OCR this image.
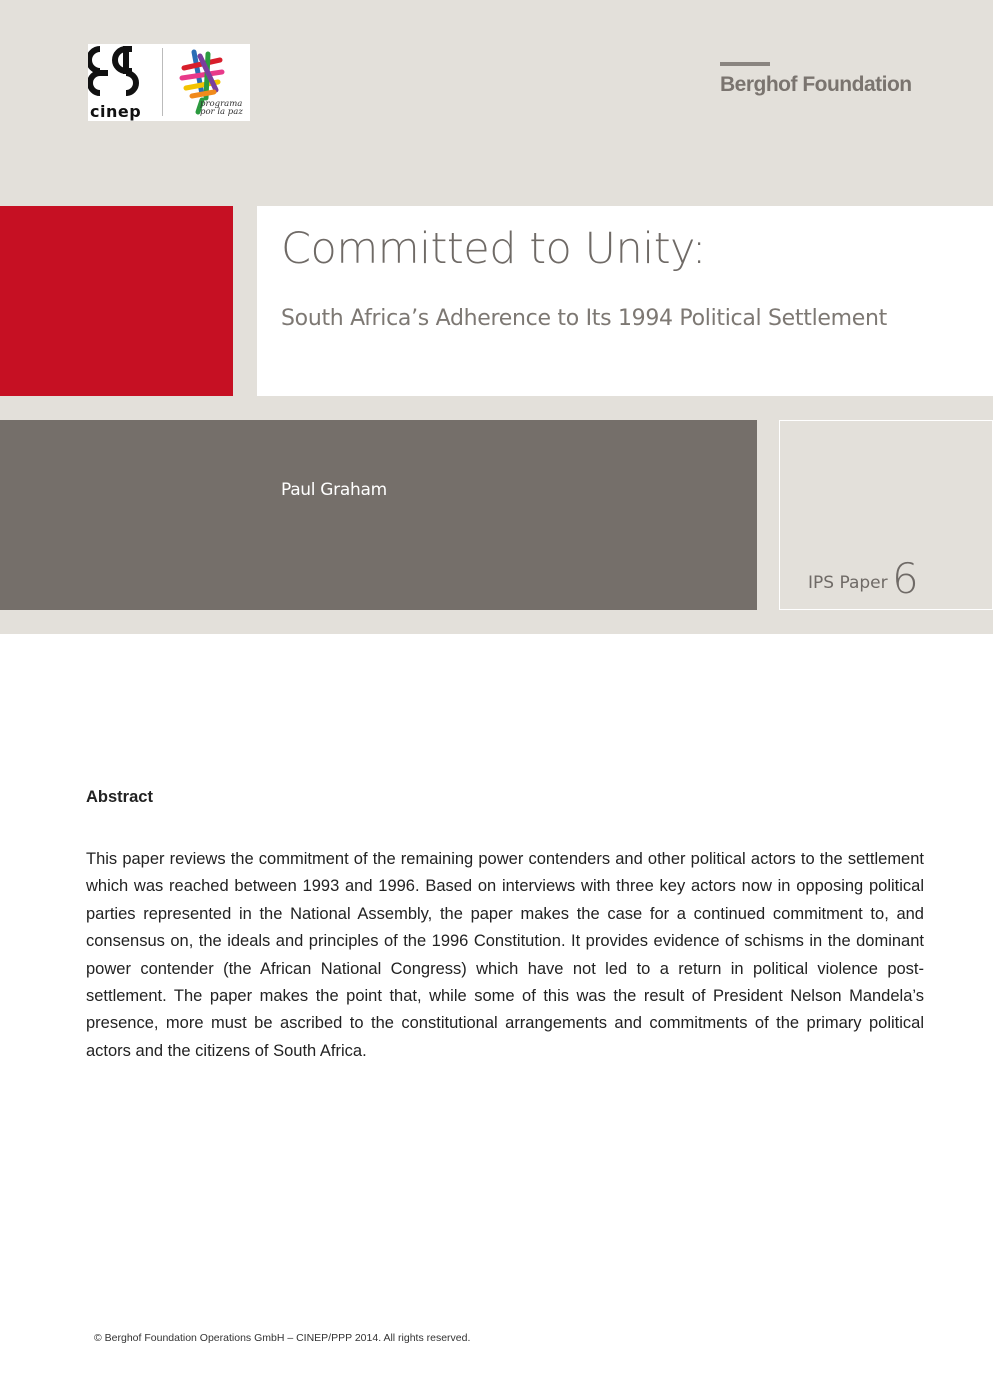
cinep	programa
por la paz
Berghof Foundation
Committed to Unity:
South Africa’s Adherence to Its 1994 Political Settlement
Paul Graham
IPS Paper 6
Abstract
This paper reviews the commitment of the remaining power contenders and other political actors to the settlement which was reached between 1993 and 1996. Based on interviews with three key actors now in opposing political parties represented in the National Assembly, the paper makes the case for a continued commitment to, and consensus on, the ideals and principles of the 1996 Constitution. It provides evidence of schisms in the dominant power contender (the African National Congress) which have not led to a return in political violence post-settlement. The paper makes the point that, while some of this was the result of President Nelson Mandela’s presence, more must be ascribed to the constitutional arrangements and commitments of the primary political actors and the citizens of South Africa.
© Berghof Foundation Operations GmbH – CINEP/PPP 2014. All rights reserved.
